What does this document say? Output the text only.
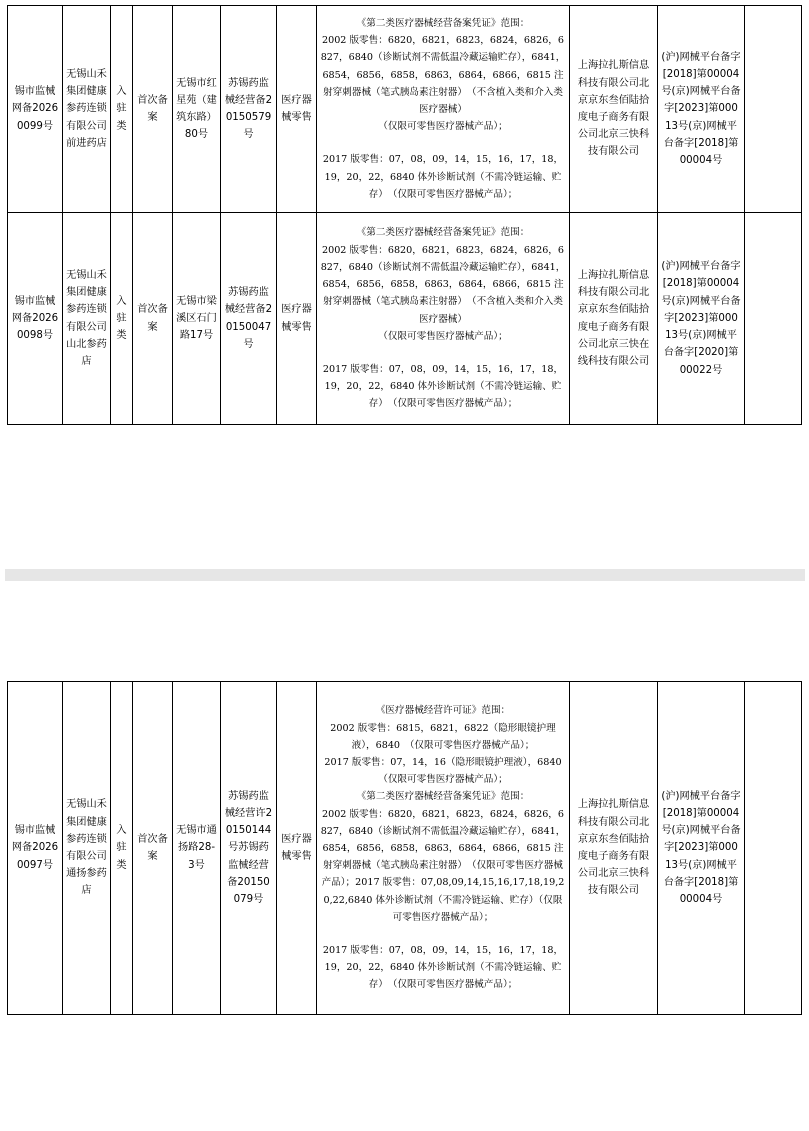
锡市监械网备20260099号	无锡山禾集团健康参药连锁有限公司前进药店	入驻类	首次备案	无锡市红星苑（建筑东路）80号	苏锡药监械经营备20150579号	医疗器械零售	《第二类医疗器械经营备案凭证》范围：

2002 版零售：6820，6821，6823，6824，6826，6827，6840（诊断试剂不需低温冷藏运输贮存），6841，6854，6856，6858，6863，6864，6866，6815 注射穿刺器械（笔式胰岛素注射器）　（不含植入类和介入类医疗器械）

（仅限可零售医疗器械产品）；

2017 版零售：07，08，09，14，15，16，17，18，19，20，22，6840 体外诊断试剂（不需冷链运输、贮存）　（仅限可零售医疗器械产品）；	上海拉扎斯信息科技有限公司北京京东叁佰陆拾度电子商务有限公司北京三快科技有限公司	(沪)网械平台备字[2018]第00004号(京)网械平台备字[2023]第00013号(京)网械平台备字[2018]第00004号	
锡市监械网备20260098号	无锡山禾集团健康参药连锁有限公司山北参药店	入驻类	首次备案	无锡市梁溪区石门路17号	苏锡药监械经营备20150047号	医疗器械零售	《第二类医疗器械经营备案凭证》范围：

2002 版零售：6820，6821，6823，6824，6826，6827，6840（诊断试剂不需低温冷藏运输贮存），6841，6854，6856，6858，6863，6864，6866，6815 注射穿刺器械（笔式胰岛素注射器）　（不含植入类和介入类医疗器械）

（仅限可零售医疗器械产品）；

2017 版零售：07，08，09，14，15，16，17，18，19，20，22，6840 体外诊断试剂（不需冷链运输、贮存）　（仅限可零售医疗器械产品）；	上海拉扎斯信息科技有限公司北京京东叁佰陆拾度电子商务有限公司北京三快在线科技有限公司	(沪)网械平台备字[2018]第00004号(京)网械平台备字[2023]第00013号(京)网械平台备字[2020]第00022号	
锡市监械网备20260097号	无锡山禾集团健康参药连锁有限公司通扬参药店	入驻类	首次备案	无锡市通扬路28-3号	苏锡药监械经营许20150144号苏锡药监械经营备20150079号	医疗器械零售	

《医疗器械经营许可证》范围：

2002 版零售：6815，6821，6822（隐形眼镜护理液），6840　（仅限可零售医疗器械产品）；

2017 版零售：07，14，16（隐形眼镜护理液），6840　（仅限可零售医疗器械产品）；

《第二类医疗器械经营备案凭证》范围：

2002 版零售：6820，6821，6823，6824，6826，6827，6840（诊断试剂不需低温冷藏运输贮存），6841，6854，6856，6858，6863，6864，6866，6815 注射穿刺器械（笔式胰岛素注射器）　（仅限可零售医疗器械产品）；2017 版零售：07,08,09,14,15,16,17,18,19,20,22,6840 体外诊断试剂（不需冷链运输、贮存）（仅限可零售医疗器械产品）；

2017 版零售：07，08，09，14，15，16，17，18，19，20，22，6840 体外诊断试剂（不需冷链运输、贮存）　（仅限可零售医疗器械产品）；

	上海拉扎斯信息科技有限公司北京京东叁佰陆拾度电子商务有限公司北京三快科技有限公司	(沪)网械平台备字[2018]第00004号(京)网械平台备字[2023]第00013号(京)网械平台备字[2018]第00004号	
